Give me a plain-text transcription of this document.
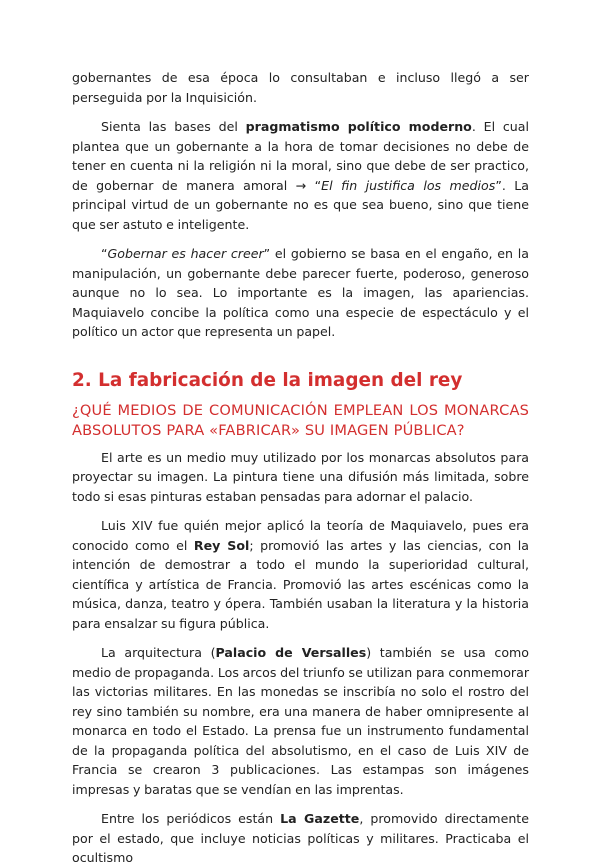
gobernantes de esa época lo consultaban e incluso llegó a ser perseguida por la Inquisición.

Sienta las bases del pragmatismo político moderno. El cual plantea que un gobernante a la hora de tomar decisiones no debe de tener en cuenta ni la religión ni la moral, sino que debe de ser practico, de gobernar de manera amoral → “El fin justifica los medios”. La principal virtud de un gobernante no es que sea bueno, sino que tiene que ser astuto e inteligente.

“Gobernar es hacer creer” el gobierno se basa en el engaño, en la manipulación, un gobernante debe parecer fuerte, poderoso, generoso aunque no lo sea. Lo importante es la imagen, las apariencias. Maquiavelo concibe la política como una especie de espectáculo y el político un actor que representa un papel.

2. La fabricación de la imagen del rey
¿QUÉ MEDIOS DE COMUNICACIÓN EMPLEAN LOS MONARCAS ABSOLUTOS PARA «FABRICAR» SU IMAGEN PÚBLICA?

El arte es un medio muy utilizado por los monarcas absolutos para proyectar su imagen. La pintura tiene una difusión más limitada, sobre todo si esas pinturas estaban pensadas para adornar el palacio.

Luis XIV fue quién mejor aplicó la teoría de Maquiavelo, pues era conocido como el Rey Sol; promovió las artes y las ciencias, con la intención de demostrar a todo el mundo la superioridad cultural, científica y artística de Francia. Promovió las artes escénicas como la música, danza, teatro y ópera. También usaban la literatura y la historia para ensalzar su figura pública.

La arquitectura (Palacio de Versalles) también se usa como medio de propaganda. Los arcos del triunfo se utilizan para conmemorar las victorias militares. En las monedas se inscribía no solo el rostro del rey sino también su nombre, era una manera de haber omnipresente al monarca en todo el Estado. La prensa fue un instrumento fundamental de la propaganda política del absolutismo, en el caso de Luis XIV de Francia se crearon 3 publicaciones. Las estampas son imágenes impresas y baratas que se vendían en las imprentas.

Entre los periódicos están La Gazette, promovido directamente por el estado, que incluye noticias políticas y militares. Practicaba el ocultismo
